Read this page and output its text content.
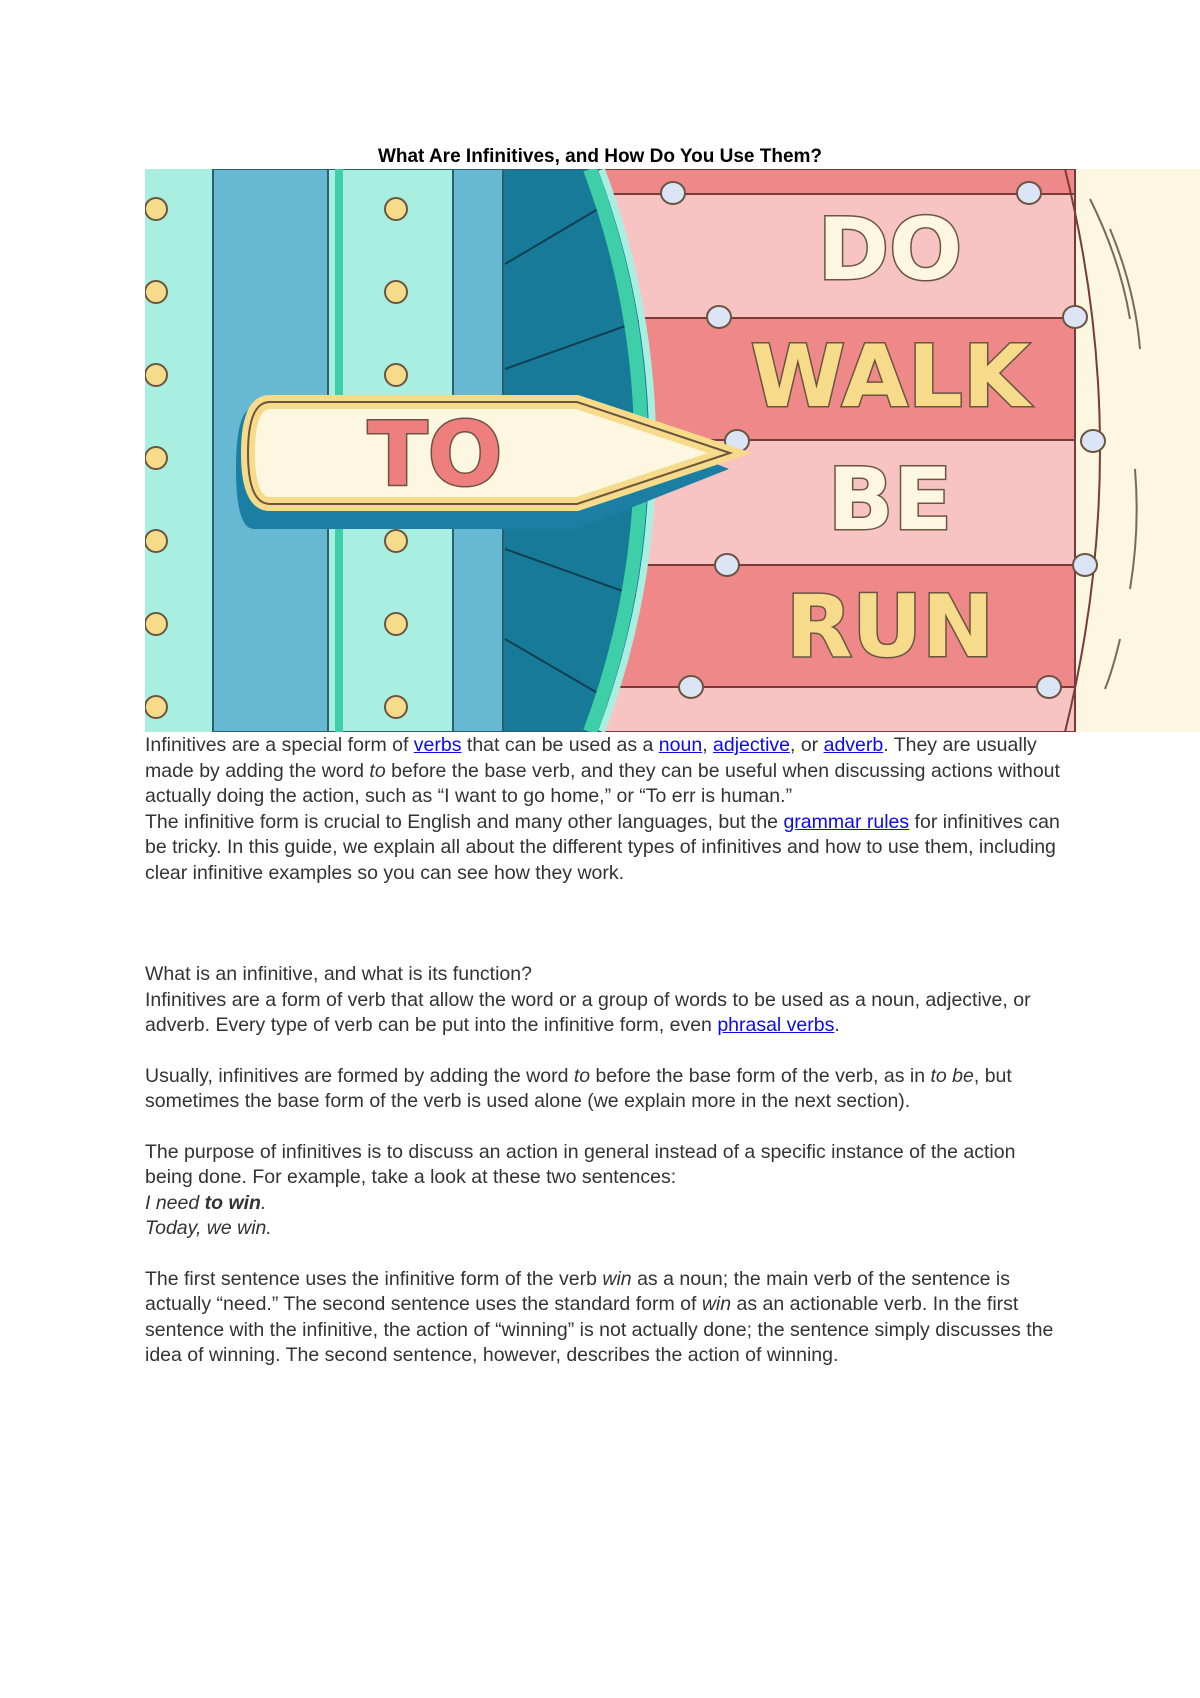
What Are Infinitives, and How Do You Use Them?
DO
WALK
BE
RUN
TO

Infinitives are a special form of verbs that can be used as a noun, adjective, or adverb. They are usually made by adding the word to before the base verb, and they can be useful when discussing actions without actually doing the action, such as “I want to go home,” or “To err is human.”

The infinitive form is crucial to English and many other languages, but the grammar rules for infinitives can be tricky. In this guide, we explain all about the different types of infinitives and how to use them, including clear infinitive examples so you can see how they work.

What is an infinitive, and what is its function?

Infinitives are a form of verb that allow the word or a group of words to be used as a noun, adjective, or adverb. Every type of verb can be put into the infinitive form, even phrasal verbs.

Usually, infinitives are formed by adding the word to before the base form of the verb, as in to be, but sometimes the base form of the verb is used alone (we explain more in the next section).

The purpose of infinitives is to discuss an action in general instead of a specific instance of the action being done. For example, take a look at these two sentences:

I need to win.

Today, we win.

The first sentence uses the infinitive form of the verb win as a noun; the main verb of the sentence is actually “need.” The second sentence uses the standard form of win as an actionable verb. In the first sentence with the infinitive, the action of “winning” is not actually done; the sentence simply discusses the idea of winning. The second sentence, however, describes the action of winning.
